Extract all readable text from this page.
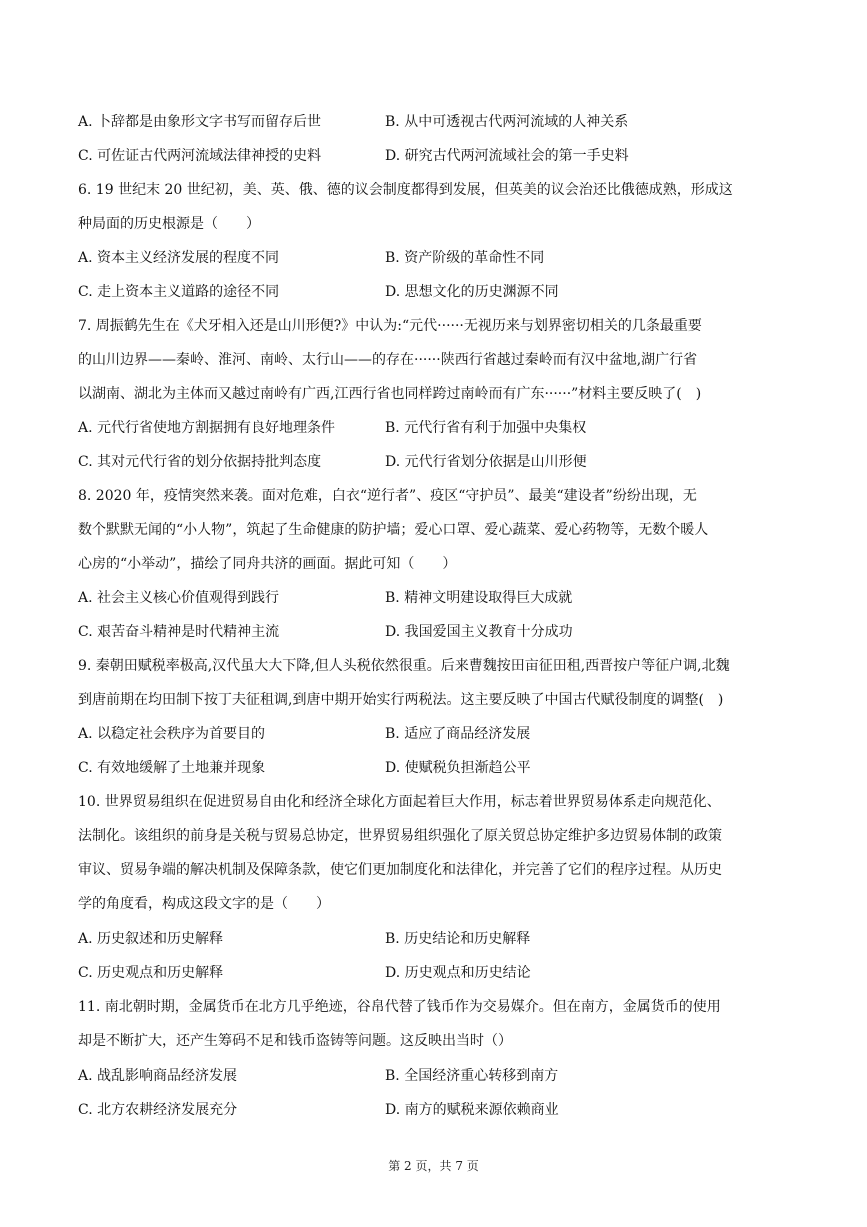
A. 卜辞都是由象形文字书写而留存后世	B. 从中可透视古代两河流域的人神关系
C. 可佐证古代两河流域法律神授的史料	D. 研究古代两河流域社会的第一手史料
6. 19 世纪末 20 世纪初，美、英、俄、德的议会制度都得到发展，但英美的议会治还比俄德成熟，形成这
种局面的历史根源是（　　）
A. 资本主义经济发展的程度不同	B. 资产阶级的革命性不同
C. 走上资本主义道路的途径不同	D. 思想文化的历史渊源不同
7. 周振鹤先生在《犬牙相入还是山川形便?》中认为:“元代······无视历来与划界密切相关的几条最重要
的山川边界——秦岭、淮河、南岭、太行山——的存在······陕西行省越过秦岭而有汉中盆地,湖广行省
以湖南、湖北为主体而又越过南岭有广西,江西行省也同样跨过南岭而有广东······”材料主要反映了(　)
A. 元代行省使地方割据拥有良好地理条件	B. 元代行省有利于加强中央集权
C. 其对元代行省的划分依据持批判态度	D. 元代行省划分依据是山川形便
8. 2020 年，疫情突然来袭。面对危难，白衣“逆行者”、疫区“守护员”、最美“建设者”纷纷出现，无
数个默默无闻的“小人物”，筑起了生命健康的防护墙；爱心口罩、爱心蔬菜、爱心药物等，无数个暖人
心房的“小举动”，描绘了同舟共济的画面。据此可知（　　）
A. 社会主义核心价值观得到践行	B. 精神文明建设取得巨大成就
C. 艰苦奋斗精神是时代精神主流	D. 我国爱国主义教育十分成功
9. 秦朝田赋税率极高,汉代虽大大下降,但人头税依然很重。后来曹魏按田亩征田租,西晋按户等征户调,北魏
到唐前期在均田制下按丁夫征租调,到唐中期开始实行两税法。这主要反映了中国古代赋役制度的调整(　)
A. 以稳定社会秩序为首要目的	B. 适应了商品经济发展
C. 有效地缓解了土地兼并现象	D. 使赋税负担渐趋公平
10. 世界贸易组织在促进贸易自由化和经济全球化方面起着巨大作用，标志着世界贸易体系走向规范化、
法制化。该组织的前身是关税与贸易总协定，世界贸易组织强化了原关贸总协定维护多边贸易体制的政策
审议、贸易争端的解决机制及保障条款，使它们更加制度化和法律化，并完善了它们的程序过程。从历史
学的角度看，构成这段文字的是（　　）
A. 历史叙述和历史解释	B. 历史结论和历史解释
C. 历史观点和历史解释	D. 历史观点和历史结论
11. 南北朝时期，金属货币在北方几乎绝迹，谷帛代替了钱币作为交易媒介。但在南方，金属货币的使用
却是不断扩大，还产生筹码不足和钱币盗铸等问题。这反映出当时（）
A. 战乱影响商品经济发展	B. 全国经济重心转移到南方
C. 北方农耕经济发展充分	D. 南方的赋税来源依赖商业
第 2 页，共 7 页
